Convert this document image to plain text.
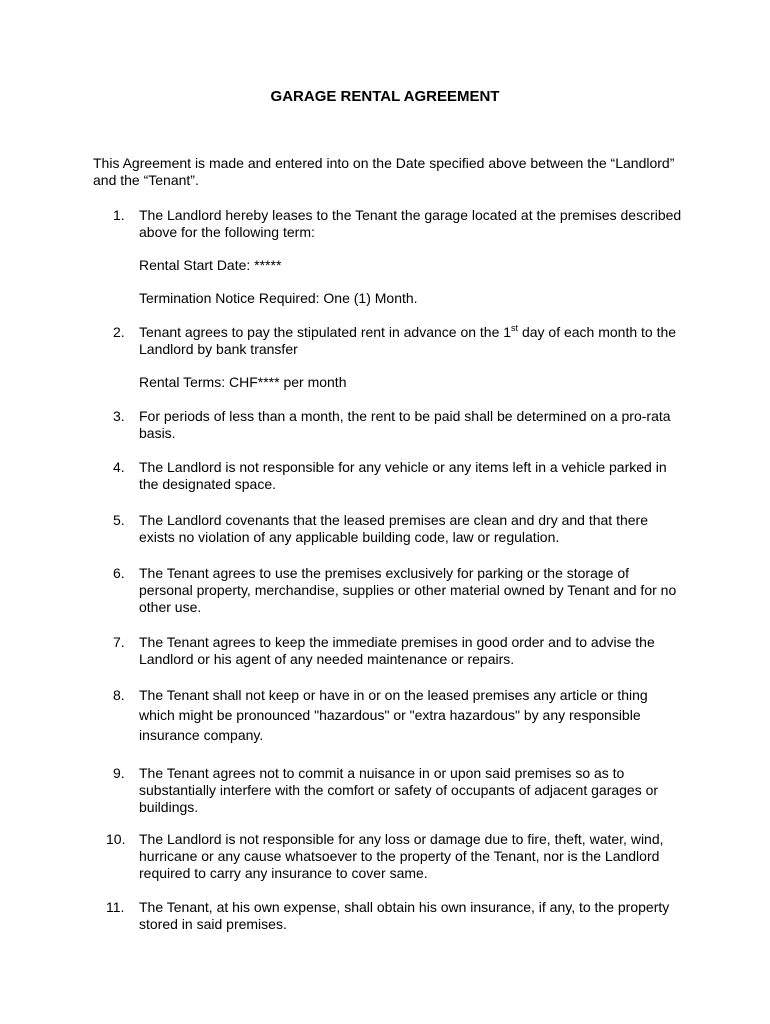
GARAGE RENTAL AGREEMENT
This Agreement is made and entered into on the Date specified above between the “Landlord” and the “Tenant”.
1.	The Landlord hereby leases to the Tenant the garage located at the premises described above for the following term:
Rental Start Date: *****
Termination Notice Required: One (1) Month.
2.	Tenant agrees to pay the stipulated rent in advance on the 1st day of each month to the Landlord by bank transfer
Rental Terms: CHF**** per month
3.	For periods of less than a month, the rent to be paid shall be determined on a pro-rata basis.
4.	The Landlord is not responsible for any vehicle or any items left in a vehicle parked in the designated space.
5.	The Landlord covenants that the leased premises are clean and dry and that there exists no violation of any applicable building code, law or regulation.
6.	The Tenant agrees to use the premises exclusively for parking or the storage of personal property, merchandise, supplies or other material owned by Tenant and for no other use.
7.	The Tenant agrees to keep the immediate premises in good order and to advise the Landlord or his agent of any needed maintenance or repairs.
8.	The Tenant shall not keep or have in or on the leased premises any article or thing which might be pronounced "hazardous" or "extra hazardous" by any responsible insurance company.
9.	The Tenant agrees not to commit a nuisance in or upon said premises so as to substantially interfere with the comfort or safety of occupants of adjacent garages or buildings.
10. The Landlord is not responsible for any loss or damage due to fire, theft, water, wind, hurricane or any cause whatsoever to the property of the Tenant, nor is the Landlord required to carry any insurance to cover same.
11.	The Tenant, at his own expense, shall obtain his own insurance, if any, to the property stored in said premises.
